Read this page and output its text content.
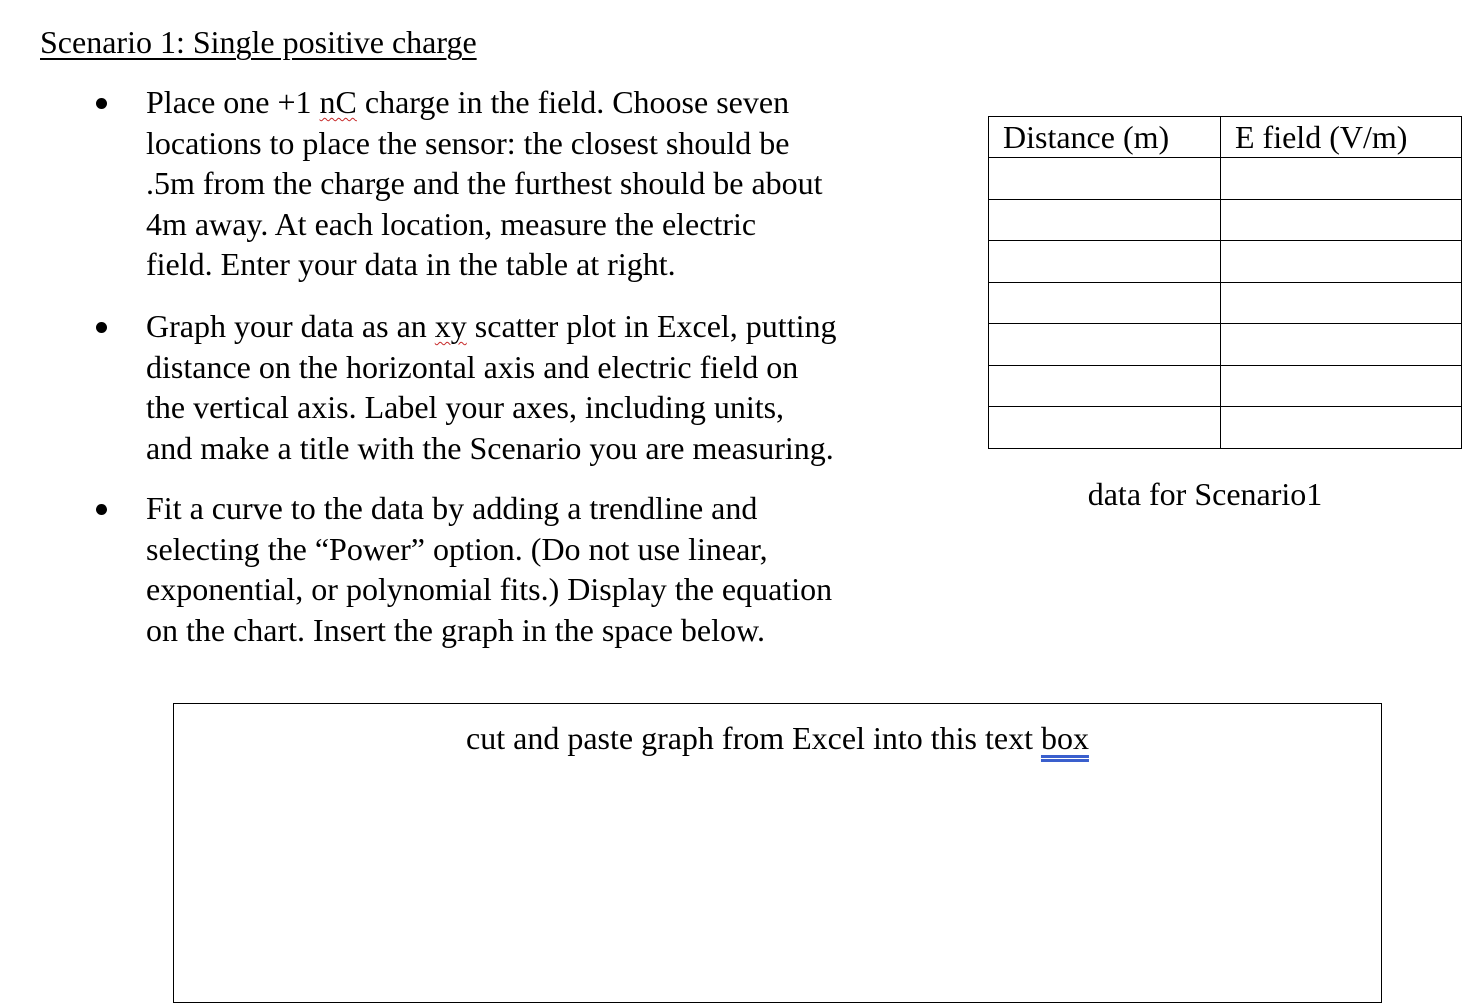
Scenario 1: Single positive charge
Place one +1 nC charge in the field. Choose seven
locations to place the sensor: the closest should be
.5m from the charge and the furthest should be about
4m away. At each location, measure the electric
field. Enter your data in the table at right.
Graph your data as an xy scatter plot in Excel, putting
distance on the horizontal axis and electric field on
the vertical axis. Label your axes, including units,
and make a title with the Scenario you are measuring.
Fit a curve to the data by adding a trendline and
selecting the “Power” option. (Do not use linear,
exponential, or polynomial fits.) Display the equation
on the chart. Insert the graph in the space below.
Distance (m)	E field (V/m)

data for Scenario1
cut and paste graph from Excel into this text box
